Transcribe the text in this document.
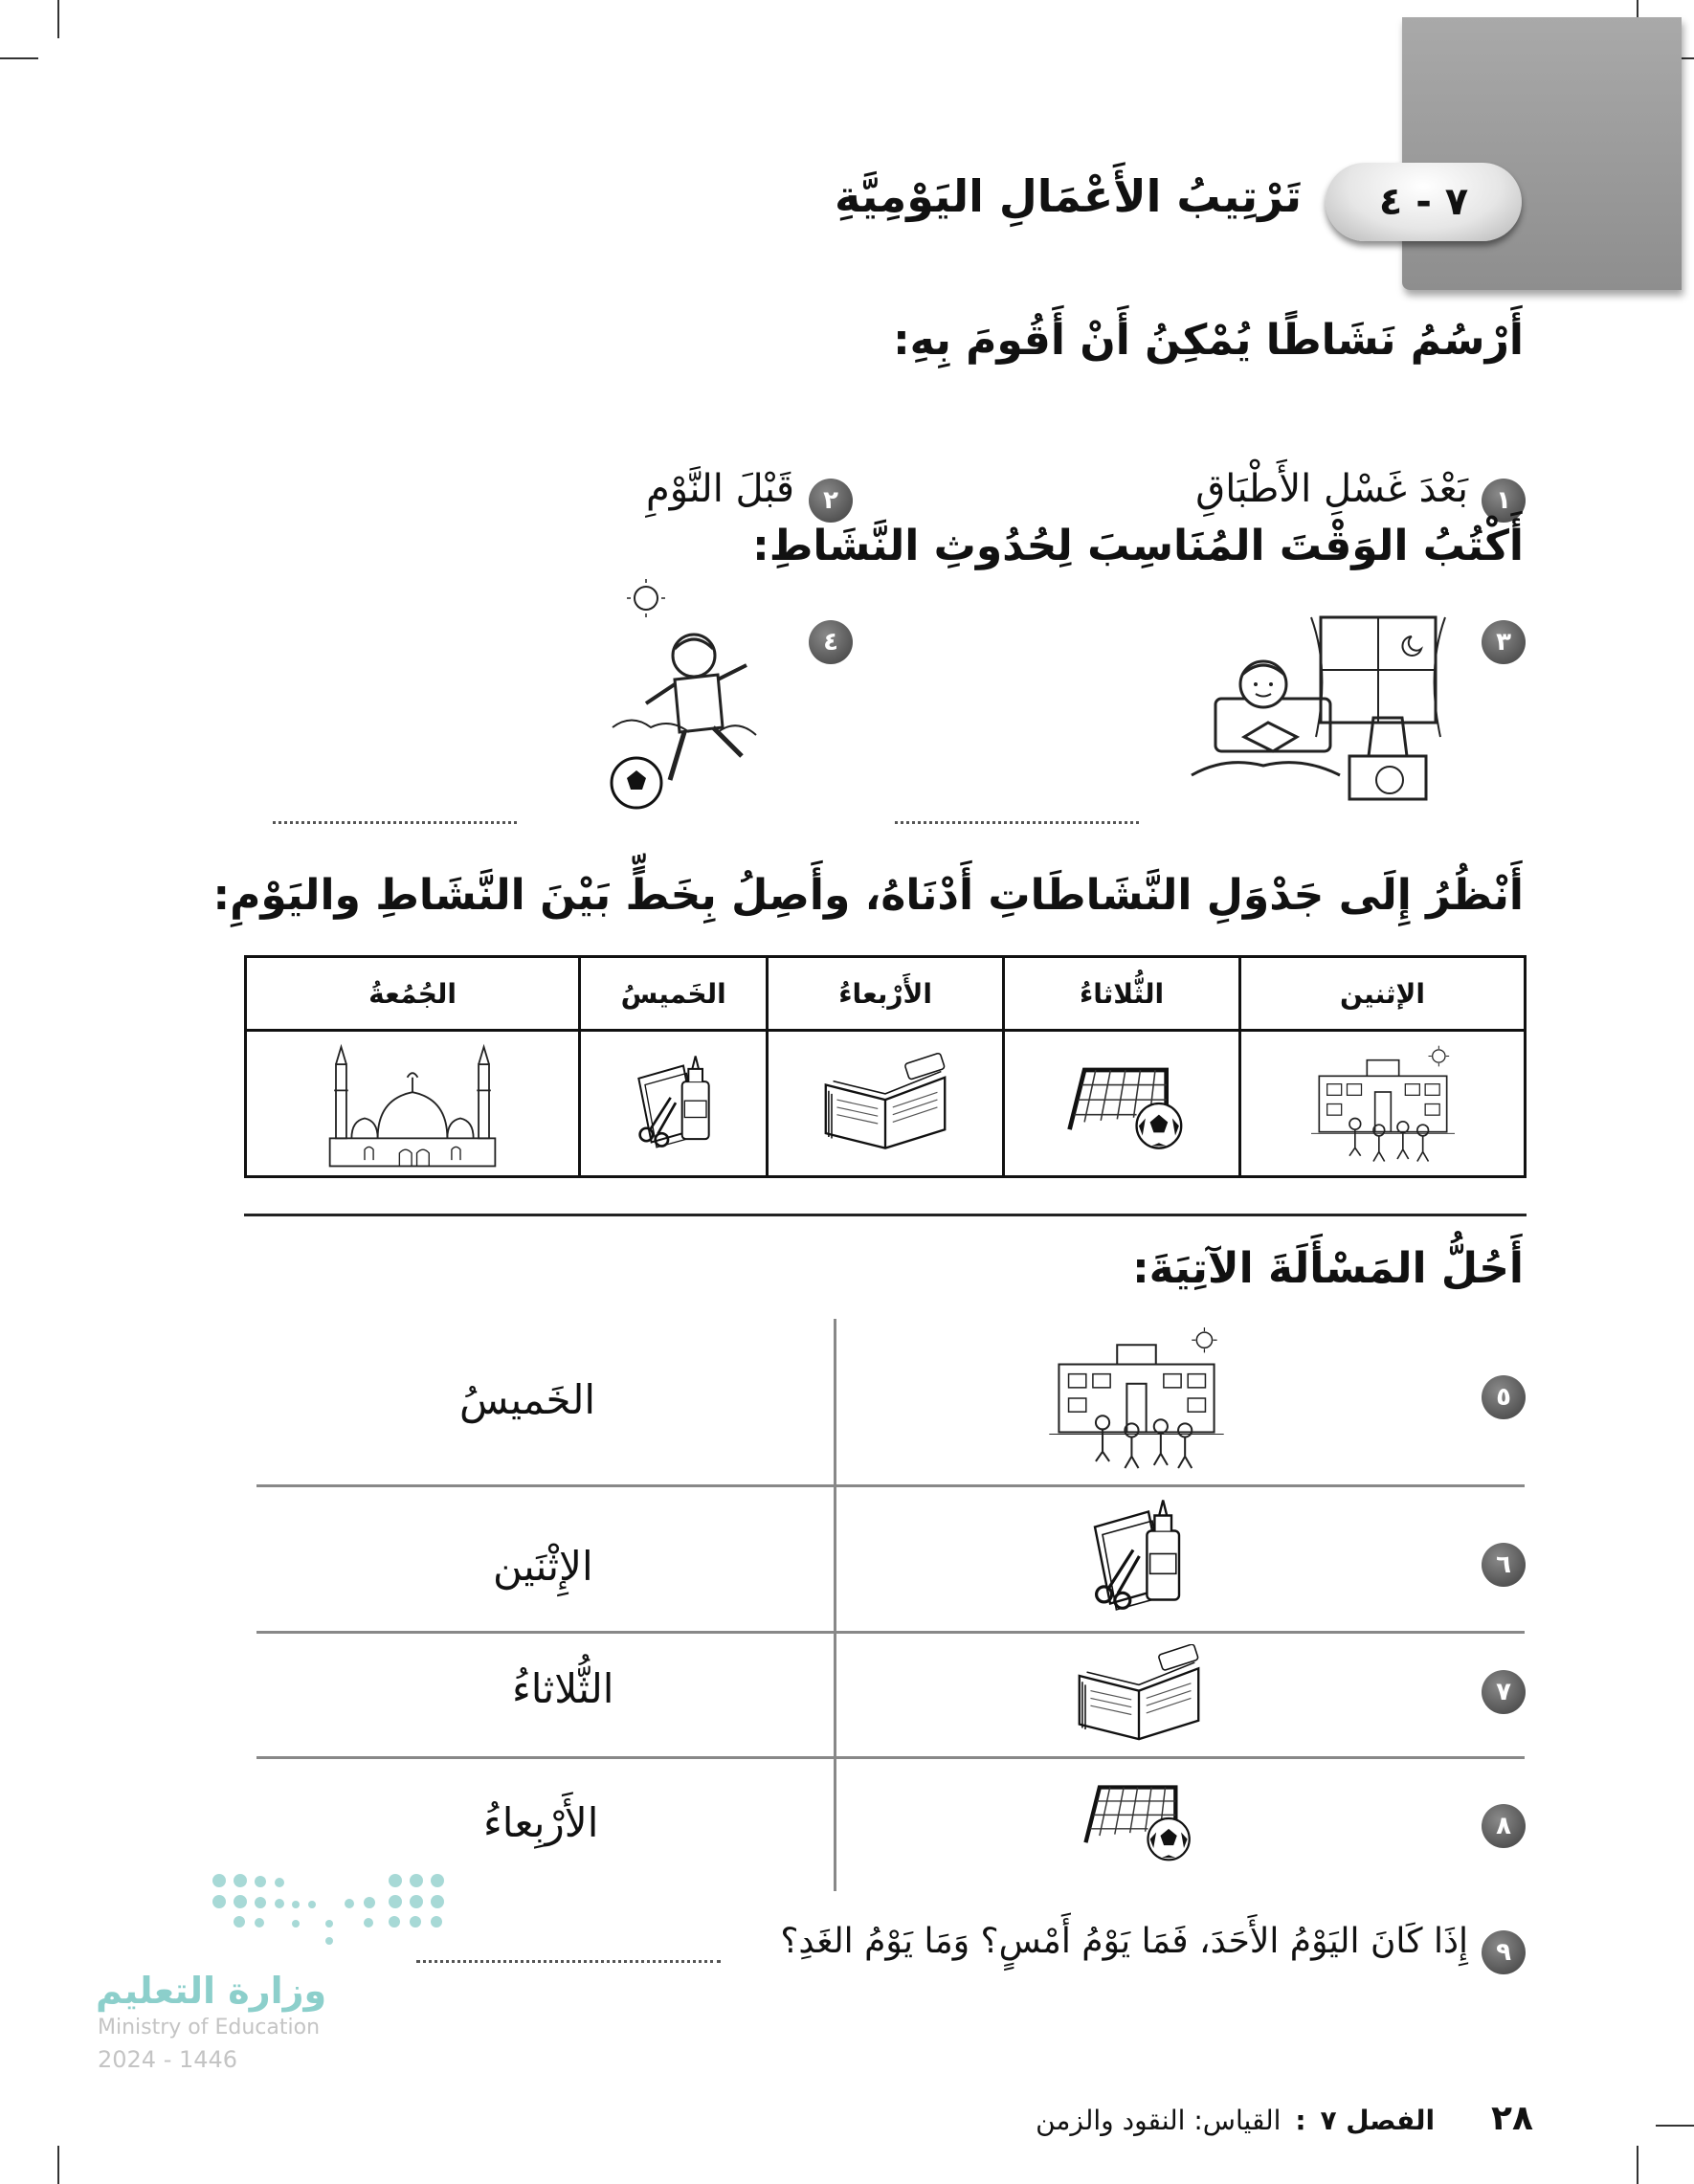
٧ - ٤
تَرْتِيبُ الأَعْمَالِ اليَوْمِيَّةِ
أَرْسُمُ نَشَاطًا يُمْكِنُ أَنْ أَقُومَ بِهِ:
١
بَعْدَ غَسْلِ الأَطْبَاقِ
٢
قَبْلَ النَّوْمِ
أَكْتُبُ الوَقْتَ المُنَاسِبَ لِحُدُوثِ النَّشَاطِ:
٣
٤
أَنْظُرُ إِلَى جَدْوَلِ النَّشَاطَاتِ أَدْنَاهُ، وأَصِلُ بِخَطٍّ بَيْنَ النَّشَاطِ واليَوْمِ:
الإثنين	الثُّلاثاءُ	الأَرْبعاءُ	الخَميسُ	الجُمُعةُ

أَحُلُّ المَسْأَلَةَ الآتِيَةَ:
٥
الخَميسُ
٦
الإِثْنَين
٧
الثُّلاثاءُ
٨
الأَرْبِعاءُ
٩
إِذَا كَانَ اليَوْمُ الأَحَدَ، فَمَا يَوْمُ أَمْسٍ؟ وَمَا يَوْمُ الغَدِ؟
وزارة التعليم
Ministry of Education
2024 - 1446
٢٨ الفصل ٧ : القياس: النقود والزمن
